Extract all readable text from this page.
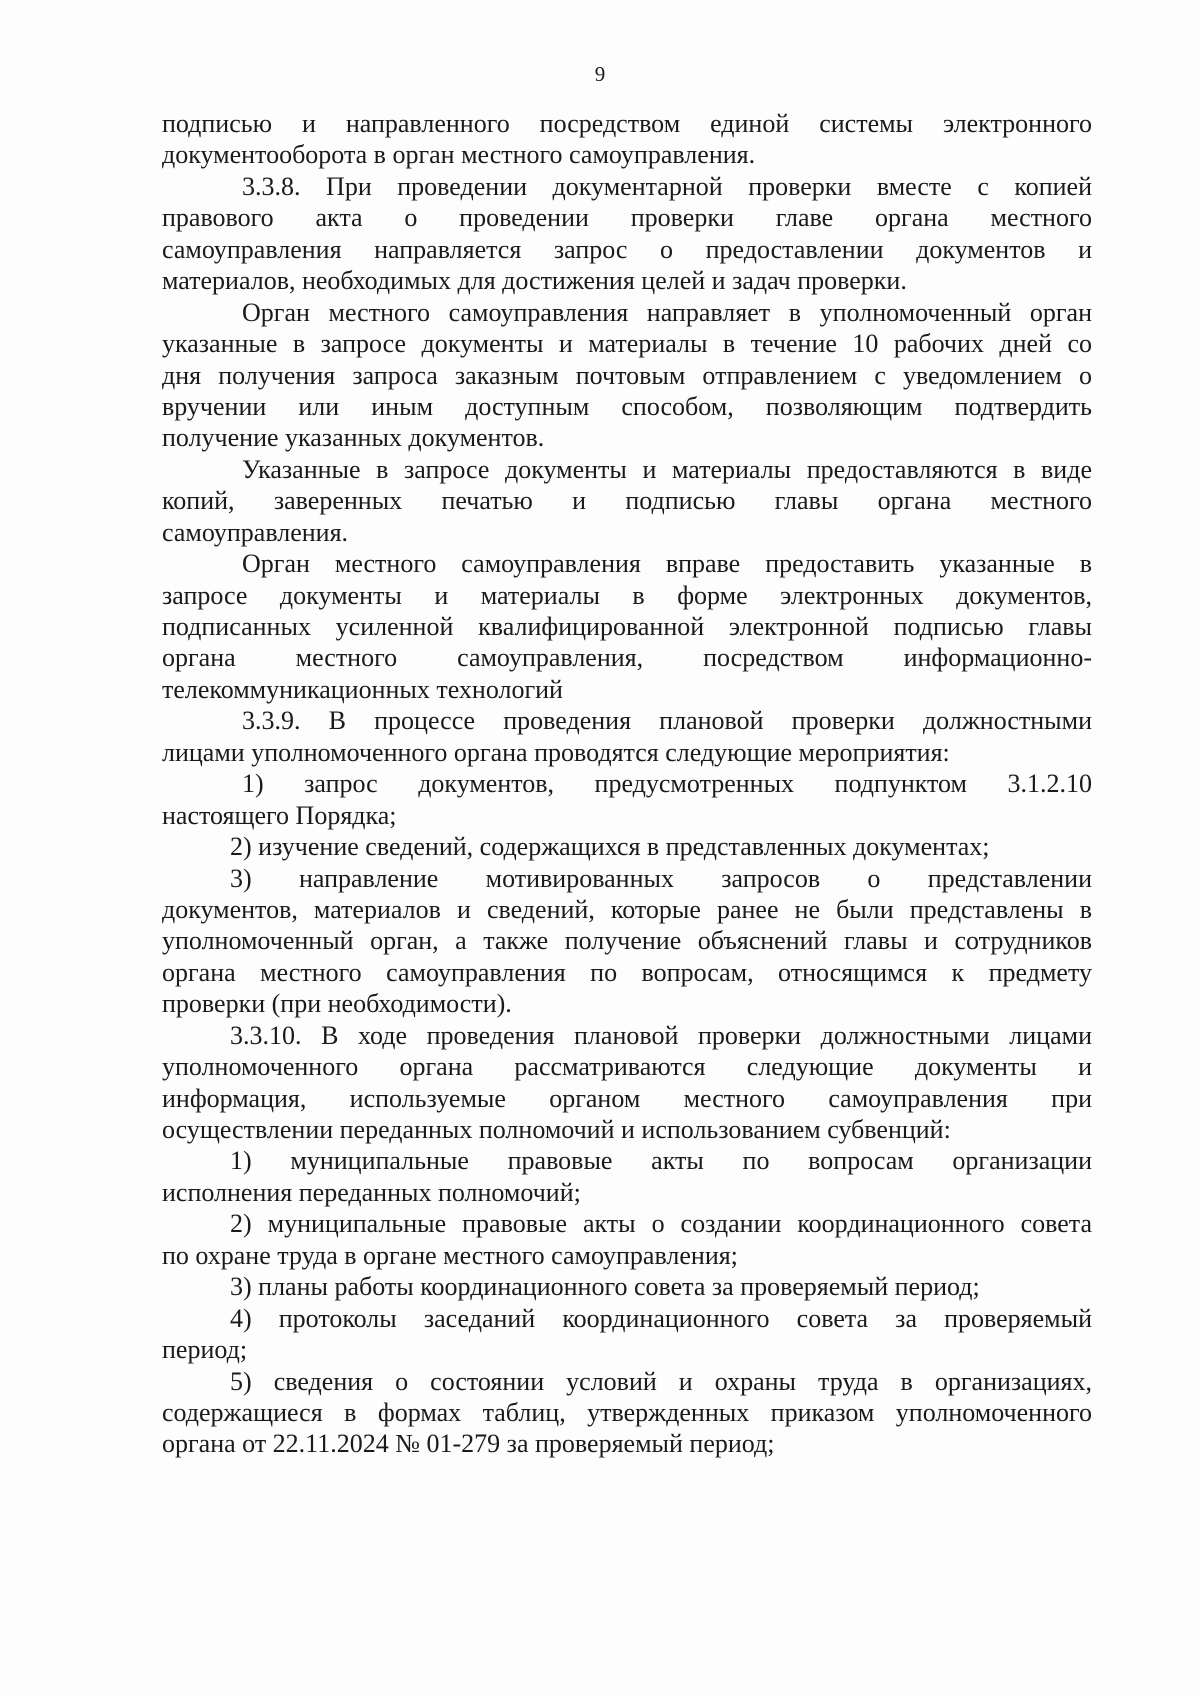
9
подписью и направленного посредством единой системы электронного
документооборота в орган местного самоуправления.
3.3.8. При проведении документарной проверки вместе с копией
правового акта о проведении проверки главе органа местного
самоуправления направляется запрос о предоставлении документов и
материалов, необходимых для достижения целей и задач проверки.
Орган местного самоуправления направляет в уполномоченный орган
указанные в запросе документы и материалы в течение 10 рабочих дней со
дня получения запроса заказным почтовым отправлением с уведомлением о
вручении или иным доступным способом, позволяющим подтвердить
получение указанных документов.
Указанные в запросе документы и материалы предоставляются в виде
копий, заверенных печатью и подписью главы органа местного
самоуправления.
Орган местного самоуправления вправе предоставить указанные в
запросе документы и материалы в форме электронных документов,
подписанных усиленной квалифицированной электронной подписью главы
органа местного самоуправления, посредством информационно-
телекоммуникационных технологий
3.3.9. В процессе проведения плановой проверки должностными
лицами уполномоченного органа проводятся следующие мероприятия:
1) запрос документов, предусмотренных подпунктом 3.1.2.10
настоящего Порядка;
2) изучение сведений, содержащихся в представленных документах;
3) направление мотивированных запросов о представлении
документов, материалов и сведений, которые ранее не были представлены в
уполномоченный орган, а также получение объяснений главы и сотрудников
органа местного самоуправления по вопросам, относящимся к предмету
проверки (при необходимости).
3.3.10. В ходе проведения плановой проверки должностными лицами
уполномоченного органа рассматриваются следующие документы и
информация, используемые органом местного самоуправления при
осуществлении переданных полномочий и использованием субвенций:
1) муниципальные правовые акты по вопросам организации
исполнения переданных полномочий;
2) муниципальные правовые акты о создании координационного совета
по охране труда в органе местного самоуправления;
3) планы работы координационного совета за проверяемый период;
4) протоколы заседаний координационного совета за проверяемый
период;
5) сведения о состоянии условий и охраны труда в организациях,
содержащиеся в формах таблиц, утвержденных приказом уполномоченного
органа от 22.11.2024 № 01-279 за проверяемый период;
